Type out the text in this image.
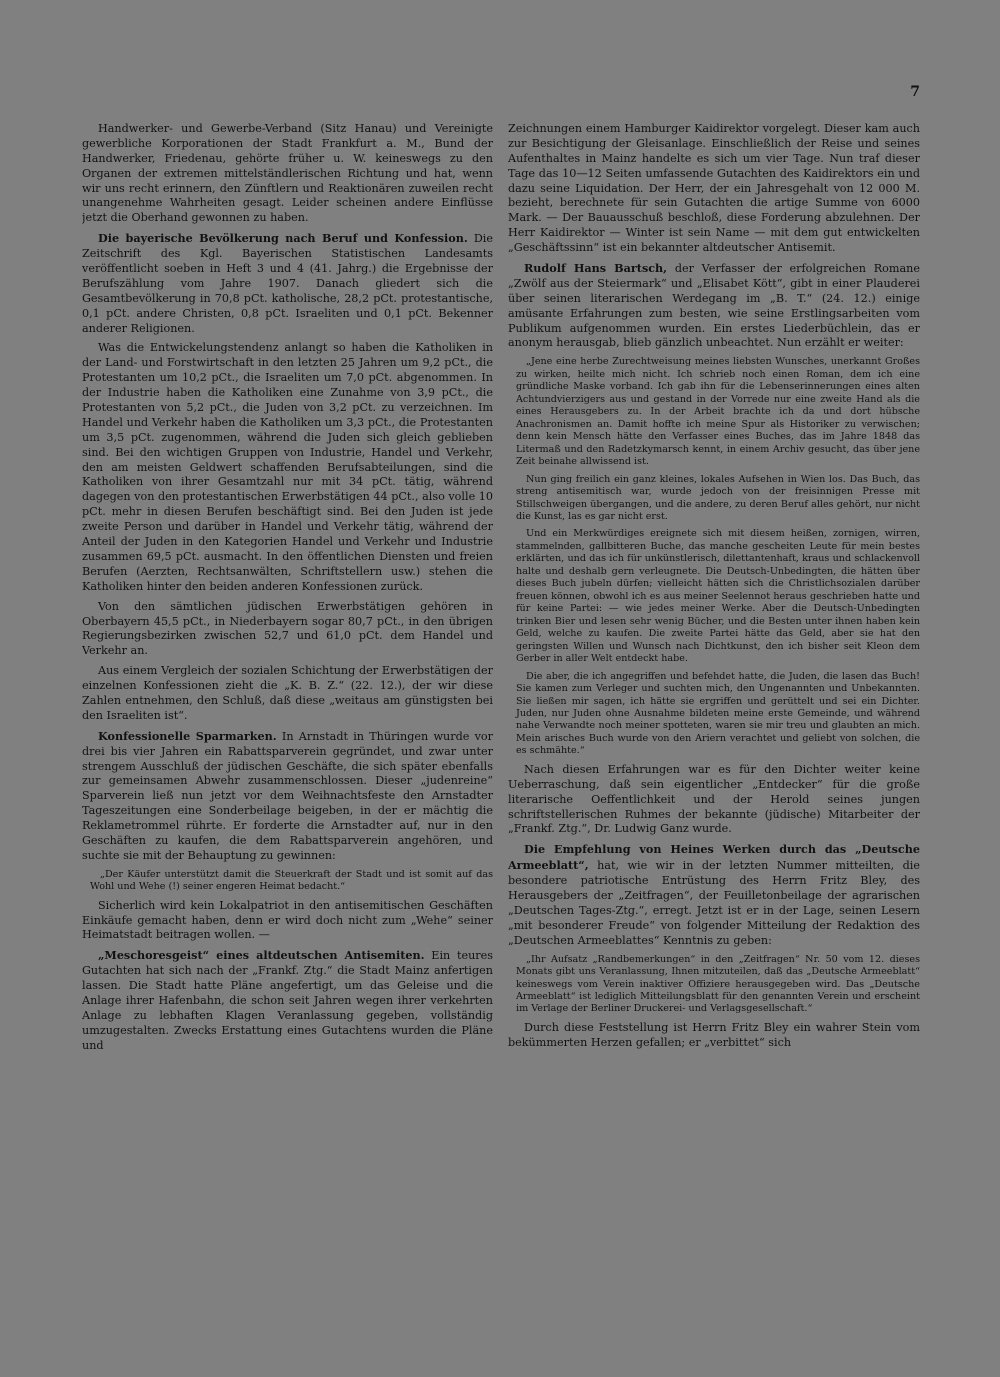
7

Handwerker- und Gewerbe-Verband (Sitz Hanau) und Vereinigte gewerbliche Korporationen der Stadt Frankfurt a. M., Bund der Handwerker, Friedenau, gehörte früher u. W. keineswegs zu den Organen der extremen mittelständlerischen Richtung und hat, wenn wir uns recht erinnern, den Zünftlern und Reaktionären zuweilen recht unangenehme Wahrheiten gesagt. Leider scheinen andere Einflüsse jetzt die Oberhand gewonnen zu haben.

Die bayerische Bevölkerung nach Beruf und Konfession. Die Zeitschrift des Kgl. Bayerischen Statistischen Landesamts veröffentlicht soeben in Heft 3 und 4 (41. Jahrg.) die Ergebnisse der Berufszählung vom Jahre 1907. Danach gliedert sich die Gesamtbevölkerung in 70,8 pCt. katholische, 28,2 pCt. protestantische, 0,1 pCt. andere Christen, 0,8 pCt. Israeliten und 0,1 pCt. Bekenner anderer Religionen.

Was die Entwickelungstendenz anlangt so haben die Katholiken in der Land- und Forstwirtschaft in den letzten 25 Jahren um 9,2 pCt., die Protestanten um 10,2 pCt., die Israeliten um 7,0 pCt. abgenommen. In der Industrie haben die Katholiken eine Zunahme von 3,9 pCt., die Protestanten von 5,2 pCt., die Juden von 3,2 pCt. zu verzeichnen. Im Handel und Verkehr haben die Katholiken um 3,3 pCt., die Protestanten um 3,5 pCt. zugenommen, während die Juden sich gleich geblieben sind. Bei den wichtigen Gruppen von Industrie, Handel und Verkehr, den am meisten Geldwert schaffenden Berufsabteilungen, sind die Katholiken von ihrer Gesamtzahl nur mit 34 pCt. tätig, während dagegen von den protestantischen Erwerbstätigen 44 pCt., also volle 10 pCt. mehr in diesen Berufen beschäftigt sind. Bei den Juden ist jede zweite Person und darüber in Handel und Verkehr tätig, während der Anteil der Juden in den Kategorien Handel und Verkehr und Industrie zusammen 69,5 pCt. ausmacht. In den öffentlichen Diensten und freien Berufen (Aerzten, Rechtsanwälten, Schriftstellern usw.) stehen die Katholiken hinter den beiden anderen Konfessionen zurück.

Von den sämtlichen jüdischen Erwerbstätigen gehören in Oberbayern 45,5 pCt., in Niederbayern sogar 80,7 pCt., in den übrigen Regierungsbezirken zwischen 52,7 und 61,0 pCt. dem Handel und Verkehr an.

Aus einem Vergleich der sozialen Schichtung der Erwerbstätigen der einzelnen Konfessionen zieht die „K. B. Z.“ (22. 12.), der wir diese Zahlen entnehmen, den Schluß, daß diese „weitaus am günstigsten bei den Israeliten ist“.

Konfessionelle Sparmarken. In Arnstadt in Thüringen wurde vor drei bis vier Jahren ein Rabattsparverein gegründet, und zwar unter strengem Ausschluß der jüdischen Geschäfte, die sich später ebenfalls zur gemeinsamen Abwehr zusammenschlossen. Dieser „judenreine“ Sparverein ließ nun jetzt vor dem Weihnachtsfeste den Arnstadter Tageszeitungen eine Sonderbeilage beigeben, in der er mächtig die Reklametrommel rührte. Er forderte die Arnstadter auf, nur in den Geschäften zu kaufen, die dem Rabattsparverein angehören, und suchte sie mit der Behauptung zu gewinnen:

„Der Käufer unterstützt damit die Steuerkraft der Stadt und ist somit auf das Wohl und Wehe (!) seiner engeren Heimat bedacht.“

Sicherlich wird kein Lokalpatriot in den antisemitischen Geschäften Einkäufe gemacht haben, denn er wird doch nicht zum „Wehe“ seiner Heimatstadt beitragen wollen. —

„Meschoresgeist“ eines altdeutschen Antisemiten. Ein teures Gutachten hat sich nach der „Frankf. Ztg.“ die Stadt Mainz anfertigen lassen. Die Stadt hatte Pläne angefertigt, um das Geleise und die Anlage ihrer Hafenbahn, die schon seit Jahren wegen ihrer verkehrten Anlage zu lebhaften Klagen Veranlassung gegeben, vollständig umzugestalten. Zwecks Erstattung eines Gutachtens wurden die Pläne und

Zeichnungen einem Hamburger Kaidirektor vorgelegt. Dieser kam auch zur Besichtigung der Gleisanlage. Einschließlich der Reise und seines Aufenthaltes in Mainz handelte es sich um vier Tage. Nun traf dieser Tage das 10—12 Seiten umfassende Gutachten des Kaidirektors ein und dazu seine Liquidation. Der Herr, der ein Jahresgehalt von 12 000 M. bezieht, berechnete für sein Gutachten die artige Summe von 6000 Mark. — Der Bauausschuß beschloß, diese Forderung abzulehnen. Der Herr Kaidirektor — Winter ist sein Name — mit dem gut entwickelten „Geschäftssinn“ ist ein bekannter altdeutscher Antisemit.

Rudolf Hans Bartsch, der Verfasser der erfolgreichen Romane „Zwölf aus der Steiermark“ und „Elisabet Kött“, gibt in einer Plauderei über seinen literarischen Werdegang im „B. T.“ (24. 12.) einige amüsante Erfahrungen zum besten, wie seine Erstlingsarbeiten vom Publikum aufgenommen wurden. Ein erstes Liederbüchlein, das er anonym herausgab, blieb gänzlich unbeachtet. Nun erzählt er weiter:

„Jene eine herbe Zurechtweisung meines liebsten Wunsches, unerkannt Großes zu wirken, heilte mich nicht. Ich schrieb noch einen Roman, dem ich eine gründliche Maske vorband. Ich gab ihn für die Lebenserinnerungen eines alten Achtundvierzigers aus und gestand in der Vorrede nur eine zweite Hand als die eines Herausgebers zu. In der Arbeit brachte ich da und dort hübsche Anachronismen an. Damit hoffte ich meine Spur als Historiker zu verwischen; denn kein Mensch hätte den Verfasser eines Buches, das im Jahre 1848 das Litermaß und den Radetzkymarsch kennt, in einem Archiv gesucht, das über jene Zeit beinahe allwissend ist.

Nun ging freilich ein ganz kleines, lokales Aufsehen in Wien los. Das Buch, das streng antisemitisch war, wurde jedoch von der freisinnigen Presse mit Stillschweigen übergangen, und die andere, zu deren Beruf alles gehört, nur nicht die Kunst, las es gar nicht erst.

Und ein Merkwürdiges ereignete sich mit diesem heißen, zornigen, wirren, stammelnden, gallbitteren Buche, das manche gescheiten Leute für mein bestes erklärten, und das ich für unkünstlerisch, dilettantenhaft, kraus und schlackenvoll halte und deshalb gern verleugnete. Die Deutsch-Unbedingten, die hätten über dieses Buch jubeln dürfen; vielleicht hätten sich die Christlichsozialen darüber freuen können, obwohl ich es aus meiner Seelennot heraus geschrieben hatte und für keine Partei: — wie jedes meiner Werke. Aber die Deutsch-Unbedingten trinken Bier und lesen sehr wenig Bücher, und die Besten unter ihnen haben kein Geld, welche zu kaufen. Die zweite Partei hätte das Geld, aber sie hat den geringsten Willen und Wunsch nach Dichtkunst, den ich bisher seit Kleon dem Gerber in aller Welt entdeckt habe.

Die aber, die ich angegriffen und befehdet hatte, die Juden, die lasen das Buch! Sie kamen zum Verleger und suchten mich, den Ungenannten und Unbekannten. Sie ließen mir sagen, ich hätte sie ergriffen und gerüttelt und sei ein Dichter. Juden, nur Juden ohne Ausnahme bildeten meine erste Gemeinde, und während nahe Verwandte noch meiner spotteten, waren sie mir treu und glaubten an mich. Mein arisches Buch wurde von den Ariern verachtet und geliebt von solchen, die es schmähte.“

Nach diesen Erfahrungen war es für den Dichter weiter keine Ueberraschung, daß sein eigentlicher „Entdecker“ für die große literarische Oeffentlichkeit und der Herold seines jungen schriftstellerischen Ruhmes der bekannte (jüdische) Mitarbeiter der „Frankf. Ztg.“, Dr. Ludwig Ganz wurde.

Die Empfehlung von Heines Werken durch das „Deutsche Armeeblatt“, hat, wie wir in der letzten Nummer mitteilten, die besondere patriotische Entrüstung des Herrn Fritz Bley, des Herausgebers der „Zeitfragen“, der Feuilletonbeilage der agrarischen „Deutschen Tages-Ztg.“, erregt. Jetzt ist er in der Lage, seinen Lesern „mit besonderer Freude“ von folgender Mitteilung der Redaktion des „Deutschen Armeeblattes“ Kenntnis zu geben:

„Ihr Aufsatz „Randbemerkungen“ in den „Zeitfragen“ Nr. 50 vom 12. dieses Monats gibt uns Veranlassung, Ihnen mitzuteilen, daß das „Deutsche Armeeblatt“ keineswegs vom Verein inaktiver Offiziere herausgegeben wird. Das „Deutsche Armeeblatt“ ist lediglich Mitteilungsblatt für den genannten Verein und erscheint im Verlage der Berliner Druckerei- und Verlagsgesellschaft.“

Durch diese Feststellung ist Herrn Fritz Bley ein wahrer Stein vom bekümmerten Herzen gefallen; er „verbittet“ sich
